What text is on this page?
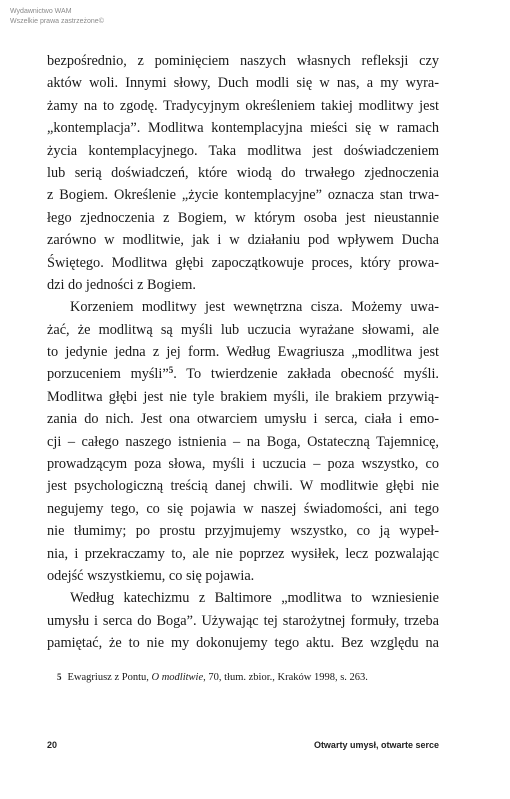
Wydawnictwo WAM
Wszelkie prawa zastrzeżone©
bezpośrednio, z pominięciem naszych własnych refleksji czy
aktów woli. Innymi słowy, Duch modli się w nas, a my wyra-
żamy na to zgodę. Tradycyjnym określeniem takiej modlitwy jest
„kontemplacja”. Modlitwa kontemplacyjna mieści się w ramach
życia kontemplacyjnego. Taka modlitwa jest doświadczeniem
lub serią doświadczeń, które wiodą do trwałego zjednoczenia
z Bogiem. Określenie „życie kontemplacyjne” oznacza stan trwa-
łego zjednoczenia z Bogiem, w którym osoba jest nieustannie
zarówno w modlitwie, jak i w działaniu pod wpływem Ducha
Świętego. Modlitwa głębi zapoczątkowuje proces, który prowa-
dzi do jedności z Bogiem.
Korzeniem modlitwy jest wewnętrzna cisza. Możemy uwa-
żać, że modlitwą są myśli lub uczucia wyrażane słowami, ale
to jedynie jedna z jej form. Według Ewagriusza „modlitwa jest
porzuceniem myśli”$^5$. To twierdzenie zakłada obecność myśli.
Modlitwa głębi jest nie tyle brakiem myśli, ile brakiem przywią-
zania do nich. Jest ona otwarciem umysłu i serca, ciała i emo-
cji – całego naszego istnienia – na Boga, Ostateczną Tajemnicę,
prowadzącym poza słowa, myśli i uczucia – poza wszystko, co
jest psychologiczną treścią danej chwili. W modlitwie głębi nie
negujemy tego, co się pojawia w naszej świadomości, ani tego
nie tłumimy; po prostu przyjmujemy wszystko, co ją wypeł-
nia, i przekraczamy to, ale nie poprzez wysiłek, lecz pozwalając
odejść wszystkiemu, co się pojawia.
Według katechizmu z Baltimore „modlitwa to wzniesienie
umysłu i serca do Boga”. Używając tej starożytnej formuły, trzeba
pamiętać, że to nie my dokonujemy tego aktu. Bez względu na
5 Ewagriusz z Pontu, O modlitwie, 70, tłum. zbior., Kraków 1998, s. 263.
20	Otwarty umysł, otwarte serce
